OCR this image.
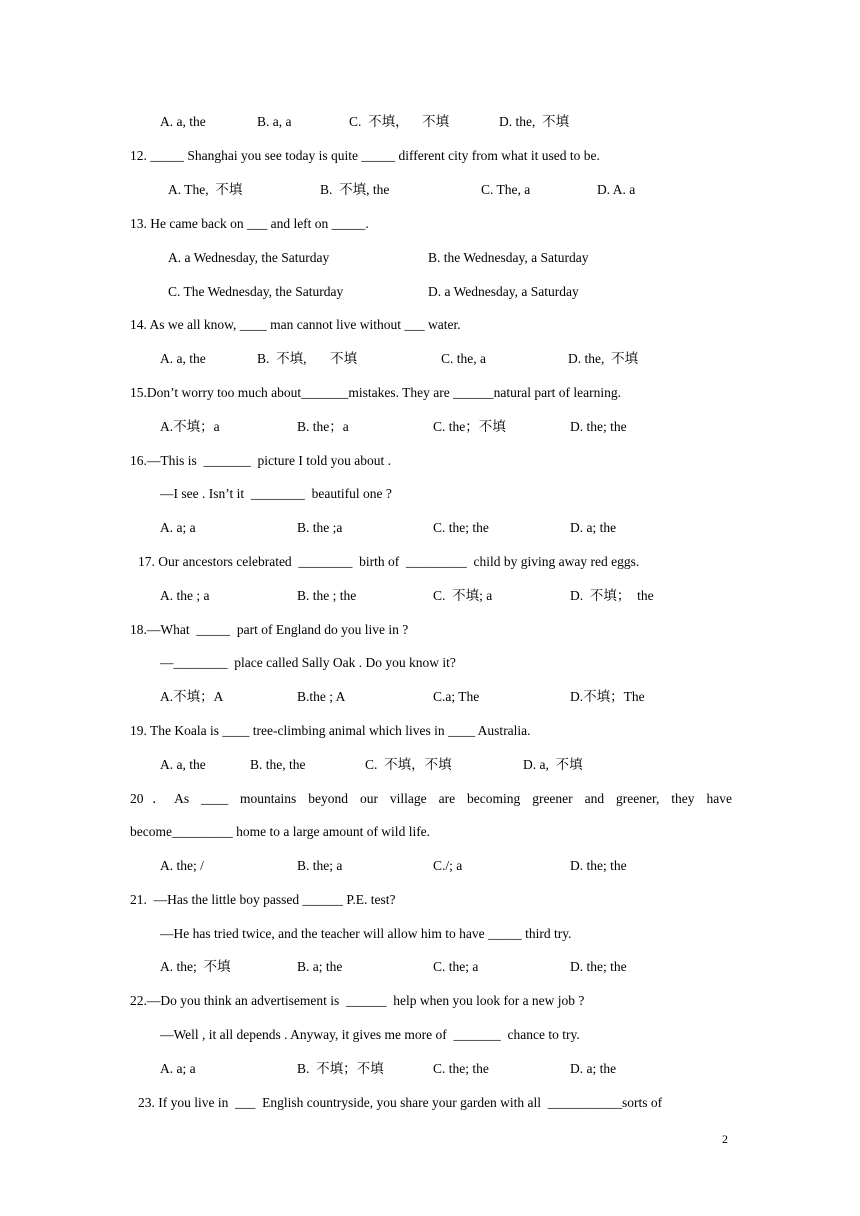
A. a, the	B. a, a	C.  不填，    不填	D. the,  不填
12. _____ Shanghai you see today is quite _____ different city from what it used to be.
A. The,  不填	B.  不填, the	C. The, a	D. A. a
13. He came back on ___ and left on _____.
A. a Wednesday, the Saturday	B. the Wednesday, a Saturday
C. The Wednesday, the Saturday	D. a Wednesday, a Saturday
14. As we all know, ____ man cannot live without ___ water.
A. a, the	B.  不填,       不填	C. the, a	D. the,  不填
15.Don’t worry too much about_______mistakes. They are ______natural part of learning.
A.不填；a	B. the；a	C. the；不填	D. the; the
16.—This is  _______  picture I told you about .
—I see . Isn’t it  ________  beautiful one ?
A. a; a	B. the ;a	C. the; the	D. a; the
17. Our ancestors celebrated  ________  birth of  _________  child by giving away red eggs.
A. the ; a	B. the ; the	C.  不填; a	D.  不填；  the
18.—What  _____  part of England do you live in ?
—________  place called Sally Oak . Do you know it?
A.不填；A	B.the ; A	C.a; The	D.不填；The
19. The Koala is ____ tree-climbing animal which lives in ____ Australia.
A. a, the	B. the, the	C.  不填，不填	D. a,  不填
20．As ____ mountains beyond our village are becoming greener and greener, they have
become_________ home to a large amount of wild life.
A. the; /	B. the; a	C./; a	D. the; the
21.  —Has the little boy passed ______ P.E. test?
—He has tried twice, and the teacher will allow him to have _____ third try.
A. the;  不填	B. a; the	C. the; a	D. the; the
22.—Do you think an advertisement is  ______  help when you look for a new job ?
—Well , it all depends . Anyway, it gives me more of  _______  chance to try.
A. a; a	B.  不填；不填	C. the; the	D. a; the
23. If you live in  ___  English countryside, you share your garden with all  ___________sorts of
2
